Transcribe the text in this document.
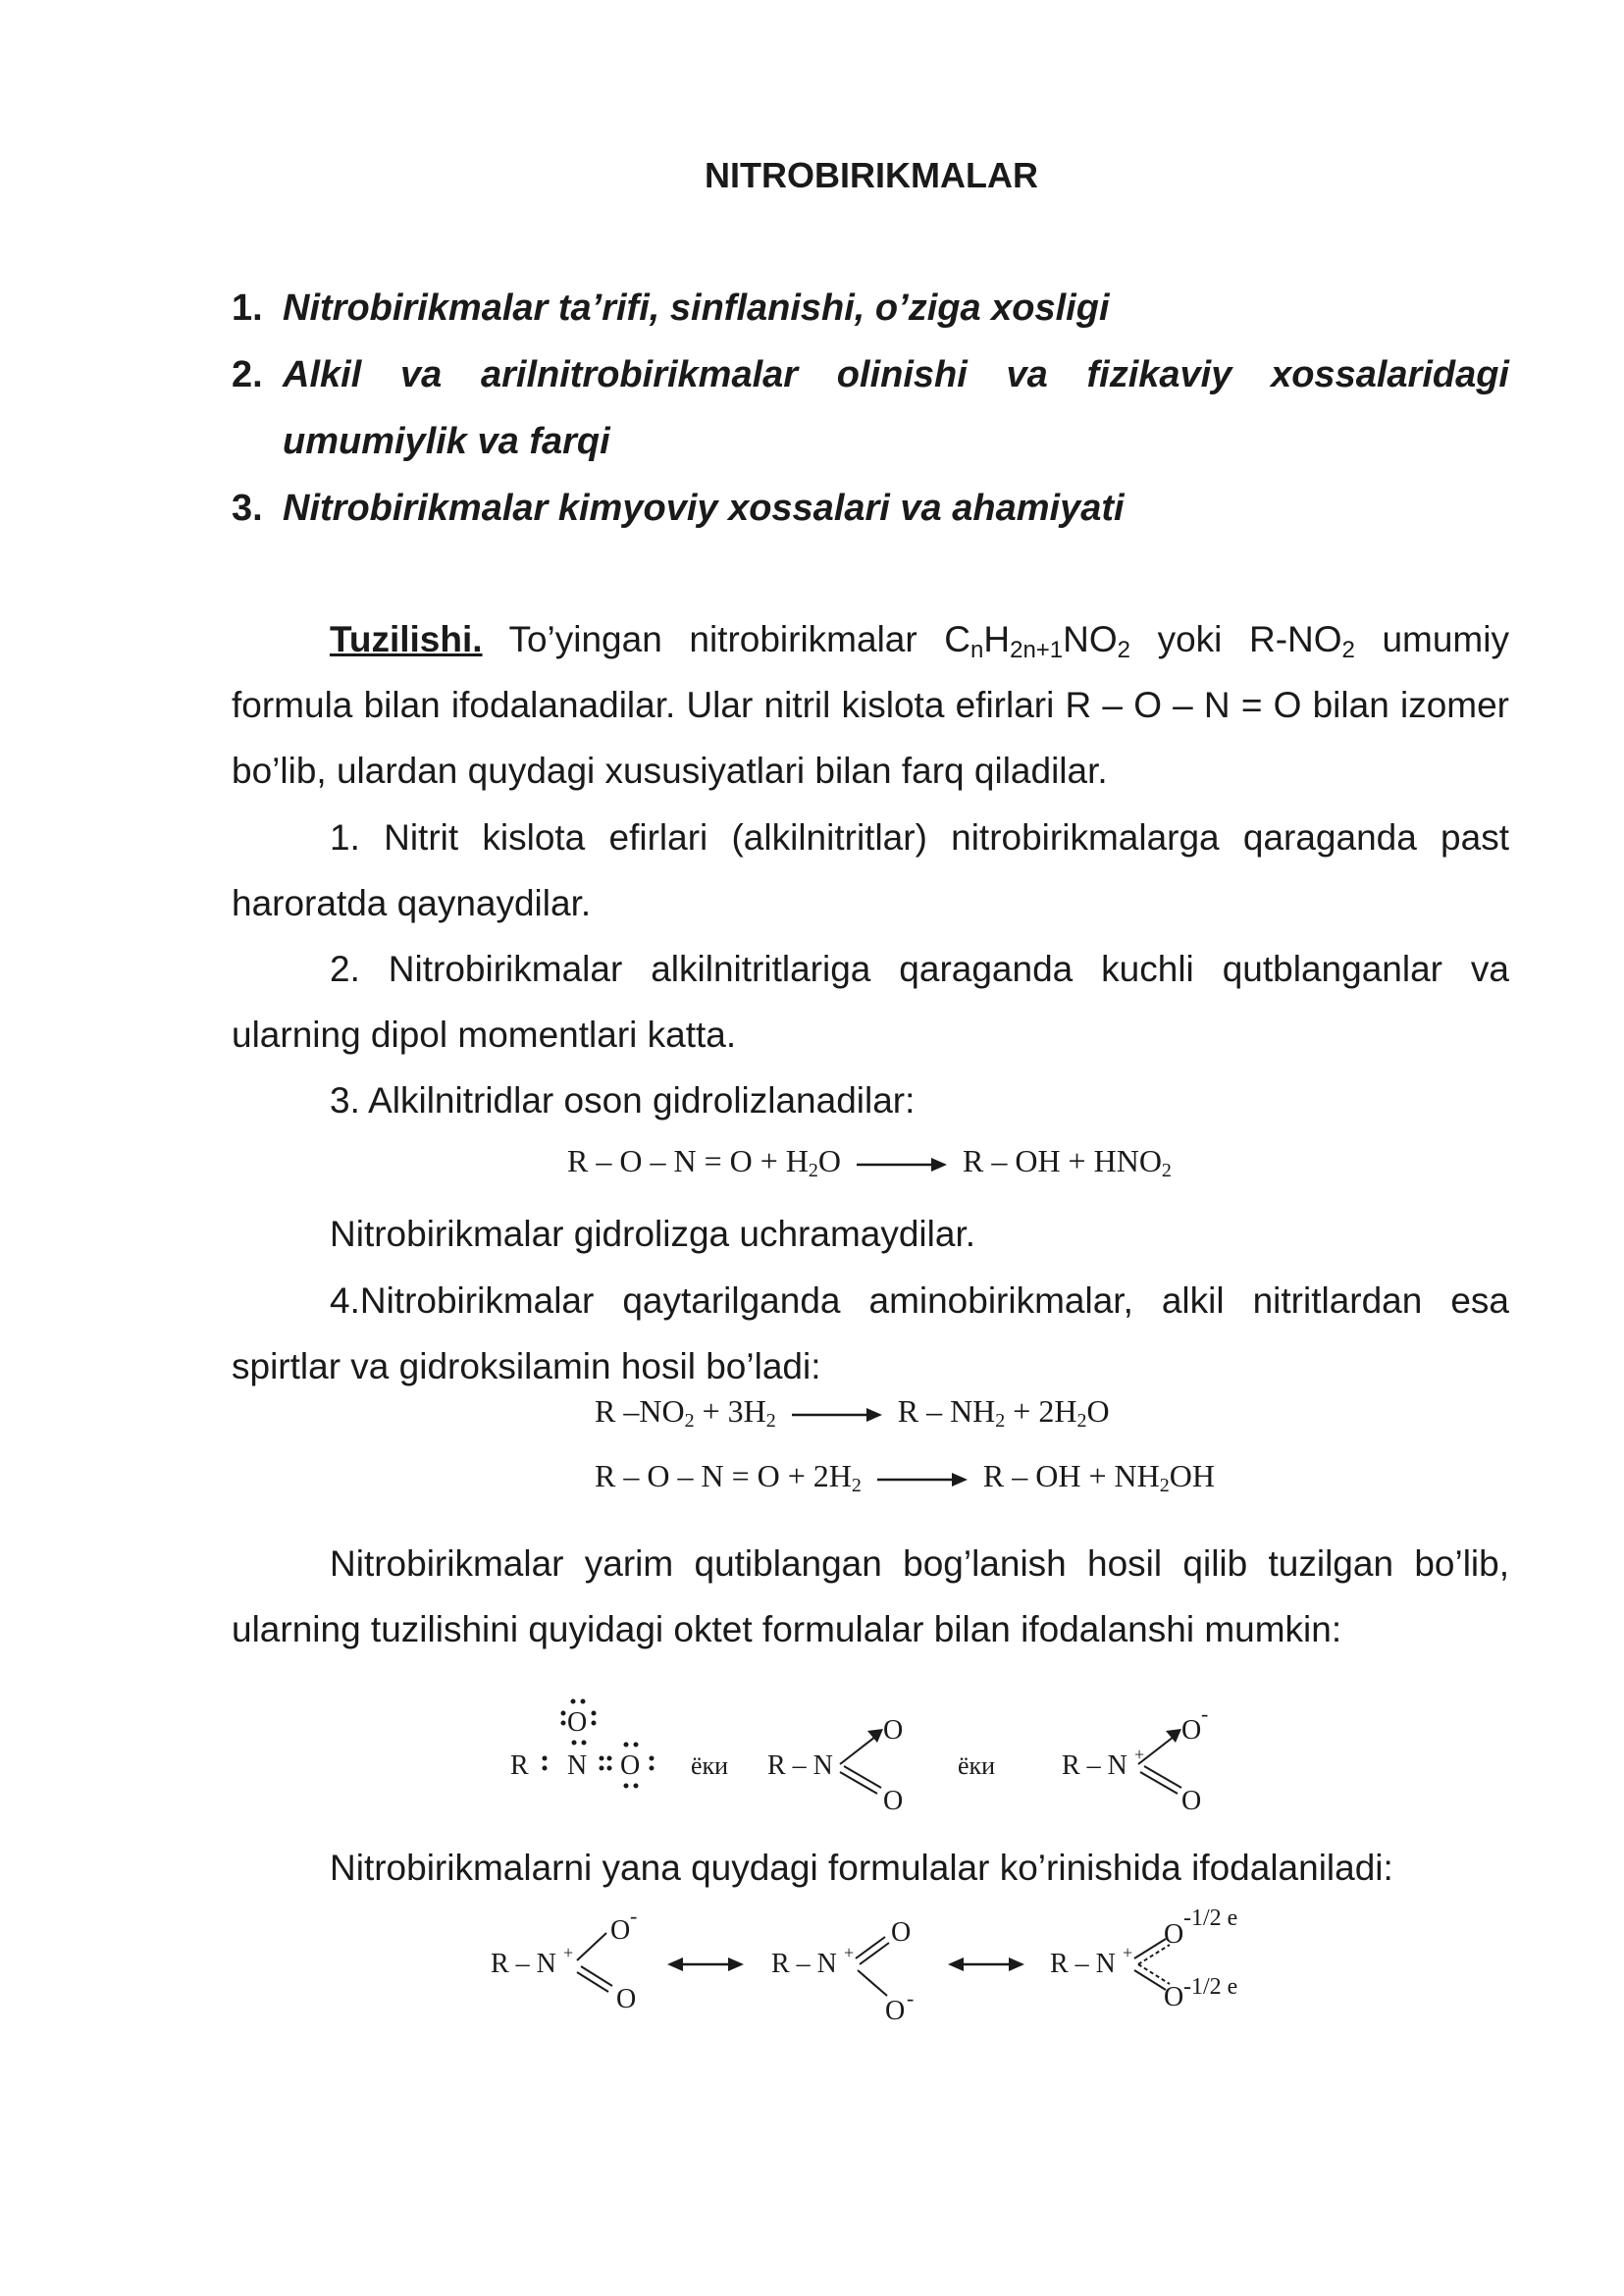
NITROBIRIKMALAR
1. Nitrobirikmalar ta’rifi, sinflanishi, o’ziga xosligi
2. Alkil va arilnitrobirikmalar olinishi va fizikaviy xossalaridagi
umumiylik va farqi
3. Nitrobirikmalar kimyoviy xossalari va ahamiyati
Tuzilishi. To’yingan nitrobirikmalar $C_nH_{2n+1}NO_2$ yoki $R-NO_2$ umumiy formula bilan ifodalanadilar. Ular nitril kislota efirlari R – O – N = O bilan izomer bo’lib, ulardan quydagi xususiyatlari bilan farq qiladilar.
1. Nitrit kislota efirlari (alkilnitritlar) nitrobirikmalarga qaraganda past haroratda qaynaydilar.
2. Nitrobirikmalar alkilnitritlariga qaraganda kuchli qutblanganlar va ularning dipol momentlari katta.
3. Alkilnitridlar oson gidrolizlanadilar:
$R - O - N = O + H_2O \to R$ – OH + $HNO_2$
Nitrobirikmalar gidrolizga uchramaydilar.
4.Nitrobirikmalar qaytarilganda aminobirikmalar, alkil nitritlardan esa spirtlar va gidroksilamin hosil bo’ladi:
R $-NO_2 + 3H_2 \to R - NH_2 + 2H_2O$
$R - O - N = O + 2H_2 \to R$ – OH + $NH_2OH$
Nitrobirikmalar yarim qutiblangan bog’lanish hosil qilib tuzilgan bo’lib, ularning tuzilishini quyidagi oktet formulalar bilan ifodalanshi mumkin:
O
R N O ёки R – N
O
O
ёки R – N +
O
-
O
Nitrobirikmalarni yana quydagi formulalar ko’rinishida ifodalaniladi:
R – N +
O -
O
R – N +
O
O -
R – N +
O
-1/2 e
O -1/2 e
